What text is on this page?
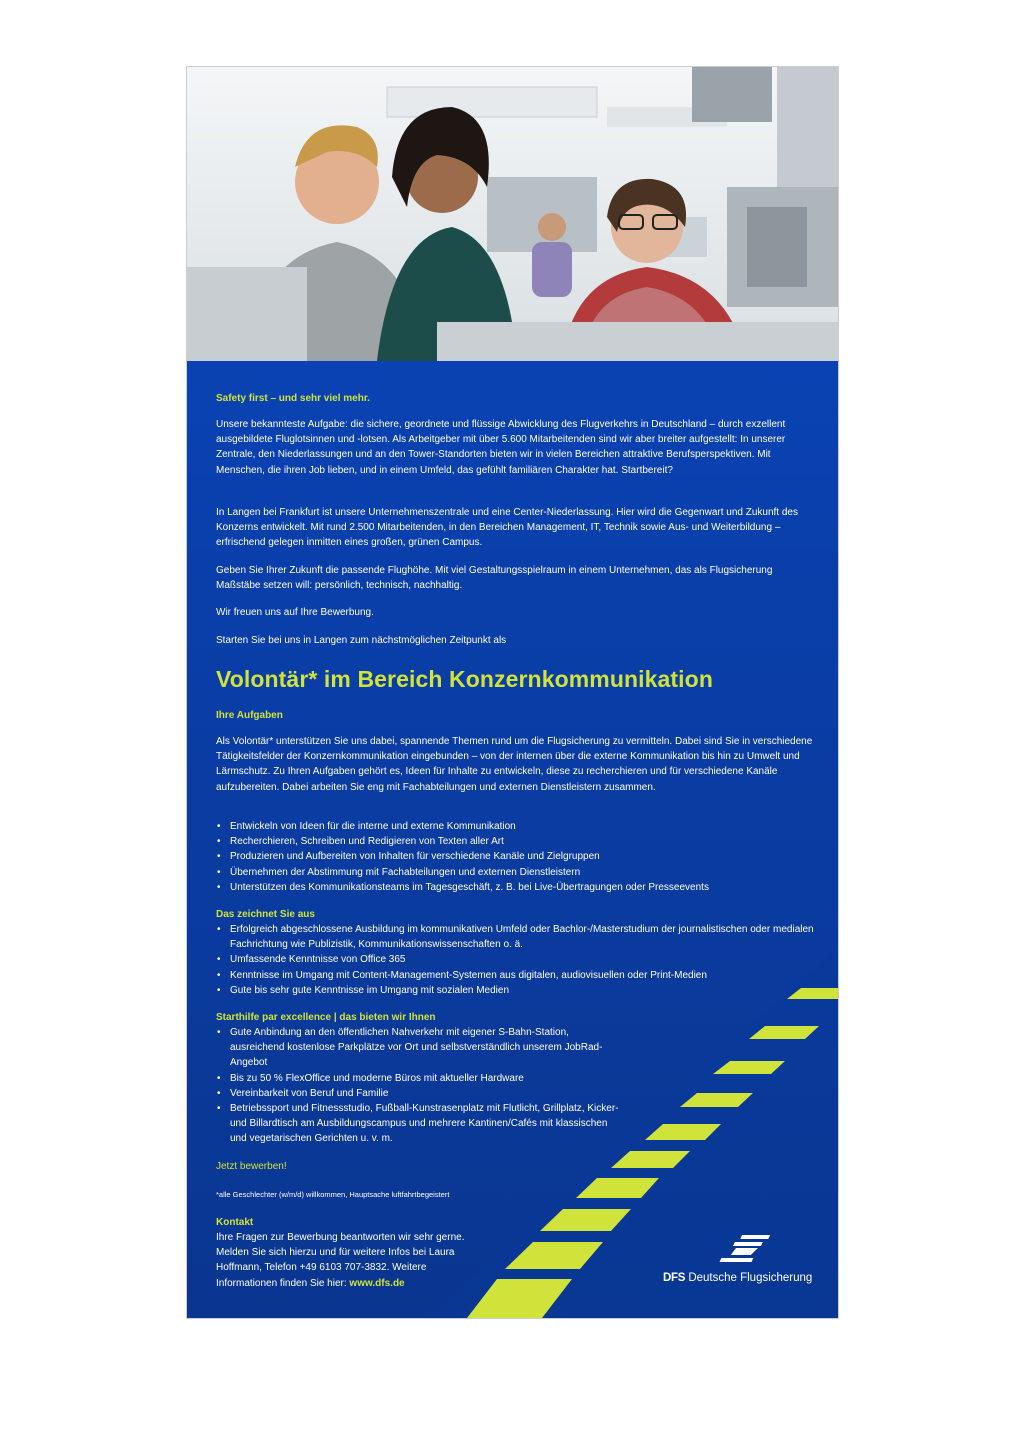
Safety first – und sehr viel mehr.

Unsere bekannteste Aufgabe: die sichere, geordnete und flüssige Abwicklung des Flugverkehrs in Deutschland – durch exzellent ausgebildete Fluglotsinnen und -lotsen. Als Arbeitgeber mit über 5.600 Mitarbeitenden sind wir aber breiter aufgestellt: In unserer Zentrale, den Niederlassungen und an den Tower-Standorten bieten wir in vielen Bereichen attraktive Berufsperspektiven. Mit Menschen, die ihren Job lieben, und in einem Umfeld, das gefühlt familiären Charakter hat. Startbereit?

In Langen bei Frankfurt ist unsere Unternehmenszentrale und eine Center-Niederlassung. Hier wird die Gegenwart und Zukunft des Konzerns entwickelt. Mit rund 2.500 Mitarbeitenden, in den Bereichen Management, IT, Technik sowie Aus- und Weiterbildung – erfrischend gelegen inmitten eines großen, grünen Campus.

Geben Sie Ihrer Zukunft die passende Flughöhe. Mit viel Gestaltungsspielraum in einem Unternehmen, das als Flugsicherung Maßstäbe setzen will: persönlich, technisch, nachhaltig.

Wir freuen uns auf Ihre Bewerbung.

Starten Sie bei uns in Langen zum nächstmöglichen Zeitpunkt als

Volontär* im Bereich Konzernkommunikation

Ihre Aufgaben

Als Volontär* unterstützen Sie uns dabei, spannende Themen rund um die Flugsicherung zu vermitteln. Dabei sind Sie in verschiedene Tätigkeitsfelder der Konzernkommunikation eingebunden – von der internen über die externe Kommunikation bis hin zu Umwelt und Lärmschutz. Zu Ihren Aufgaben gehört es, Ideen für Inhalte zu entwickeln, diese zu recherchieren und für verschiedene Kanäle aufzubereiten. Dabei arbeiten Sie eng mit Fachabteilungen und externen Dienstleistern zusammen.

• Entwickeln von Ideen für die interne und externe Kommunikation
• Recherchieren, Schreiben und Redigieren von Texten aller Art
• Produzieren und Aufbereiten von Inhalten für verschiedene Kanäle und Zielgruppen
• Übernehmen der Abstimmung mit Fachabteilungen und externen Dienstleistern
• Unterstützen des Kommunikationsteams im Tagesgeschäft, z. B. bei Live-Übertragungen oder Presseevents

Das zeichnet Sie aus

• Erfolgreich abgeschlossene Ausbildung im kommunikativen Umfeld oder Bachlor-/Masterstudium der journalistischen oder medialen Fachrichtung wie Publizistik, Kommunikationswissenschaften o. ä.
• Umfassende Kenntnisse von Office 365
• Kenntnisse im Umgang mit Content-Management-Systemen aus digitalen, audiovisuellen oder Print-Medien
• Gute bis sehr gute Kenntnisse im Umgang mit sozialen Medien

Starthilfe par excellence | das bieten wir Ihnen

• Gute Anbindung an den öffentlichen Nahverkehr mit eigener S-Bahn-Station, ausreichend kostenlose Parkplätze vor Ort und selbstverständlich unserem JobRad-Angebot
• Bis zu 50 % FlexOffice und moderne Büros mit aktueller Hardware
• Vereinbarkeit von Beruf und Familie
• Betriebssport und Fitnessstudio, Fußball-Kunstrasenplatz mit Flutlicht, Grillplatz, Kicker- und Billardtisch am Ausbildungscampus und mehrere Kantinen/Cafés mit klassischen und vegetarischen Gerichten u. v. m.

Jetzt bewerben!

*alle Geschlechter (w/m/d) willkommen, Hauptsache luftfahrtbegeistert

Kontakt

Ihre Fragen zur Bewerbung beantworten wir sehr gerne. Melden Sie sich hierzu und für weitere Infos bei Laura Hoffmann, Telefon +49 6103 707-3832. Weitere Informationen finden Sie hier: www.dfs.de	DFS Deutsche Flugsicherung
